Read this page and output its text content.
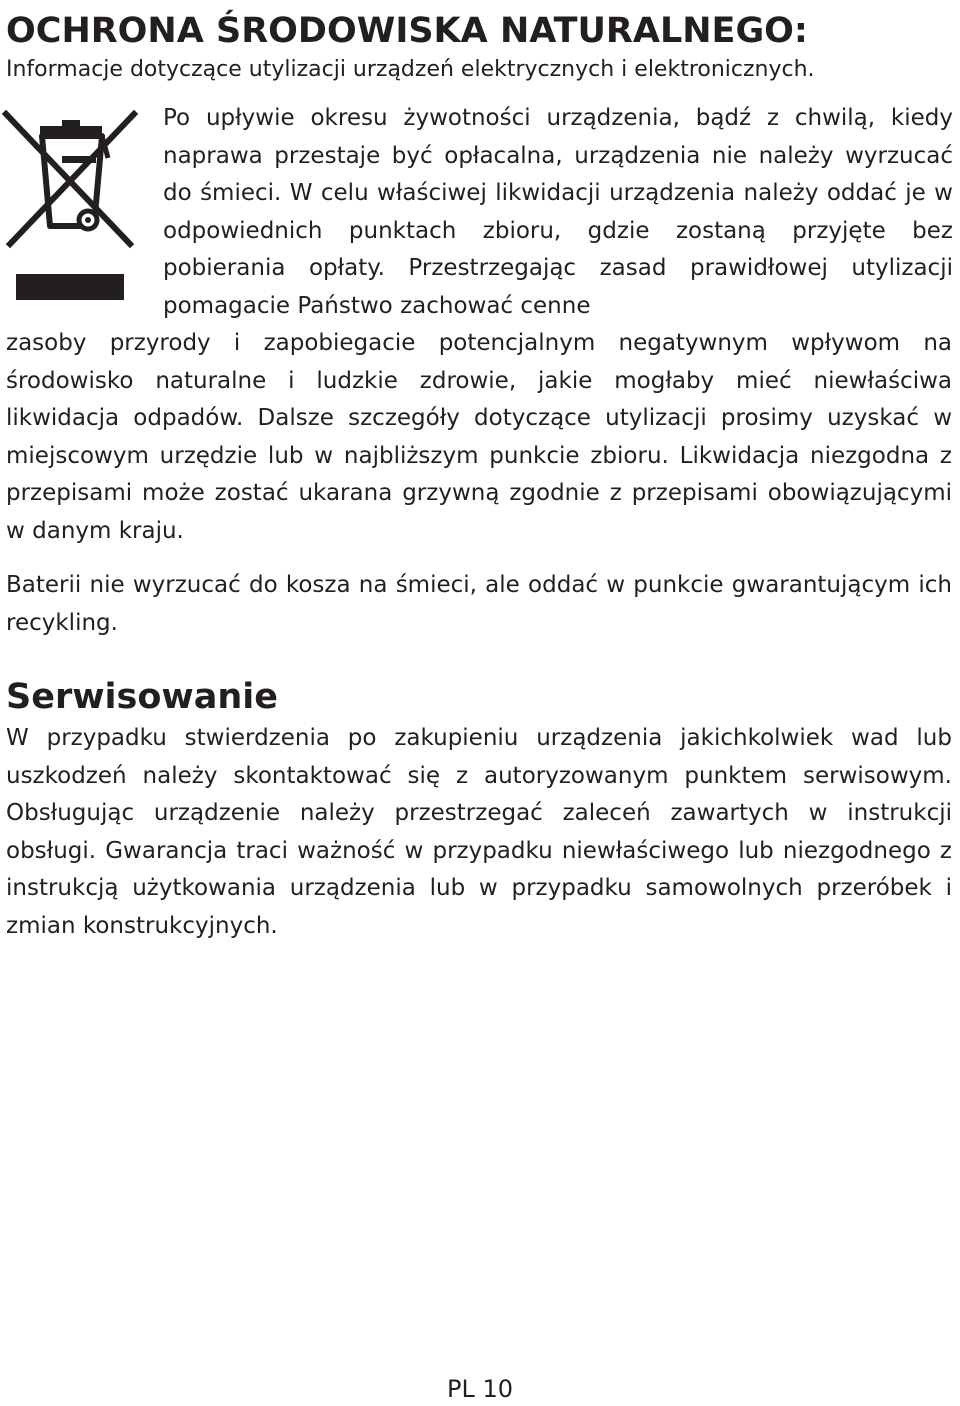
OCHRONA ŚRODOWISKA NATURALNEGO:

Informacje dotyczące utylizacji urządzeń elektrycznych i elektronicznych.

Po upływie okresu żywotności urządzenia, bądź z chwilą, kiedy naprawa przestaje być opłacalna, urządzenia nie należy wyrzucać do śmieci. W celu właściwej likwidacji urządzenia należy oddać je w odpowiednich punktach zbioru, gdzie zostaną przyjęte bez pobierania opłaty. Przestrzegając zasad prawidłowej utylizacji pomagacie Państwo zachować cenne

zasoby przyrody i zapobiegacie potencjalnym negatywnym wpływom na środowisko naturalne i ludzkie zdrowie, jakie mogłaby mieć niewłaściwa likwidacja odpadów. Dalsze szczegóły dotyczące utylizacji prosimy uzyskać w miejscowym urzędzie lub w najbliższym punkcie zbioru. Likwidacja niezgodna z przepisami może zostać ukarana grzywną zgodnie z przepisami obowiązującymi w danym kraju.

Baterii nie wyrzucać do kosza na śmieci, ale oddać w punkcie gwarantującym ich recykling.

Serwisowanie

W przypadku stwierdzenia po zakupieniu urządzenia jakichkolwiek wad lub uszkodzeń należy skontaktować się z autoryzowanym punktem serwisowym. Obsługując urządzenie należy przestrzegać zaleceń zawartych w instrukcji obsługi. Gwarancja traci ważność w przypadku niewłaściwego lub niezgodnego z instrukcją użytkowania urządzenia lub w przypadku samowolnych przeróbek i zmian konstrukcyjnych.

PL 10
